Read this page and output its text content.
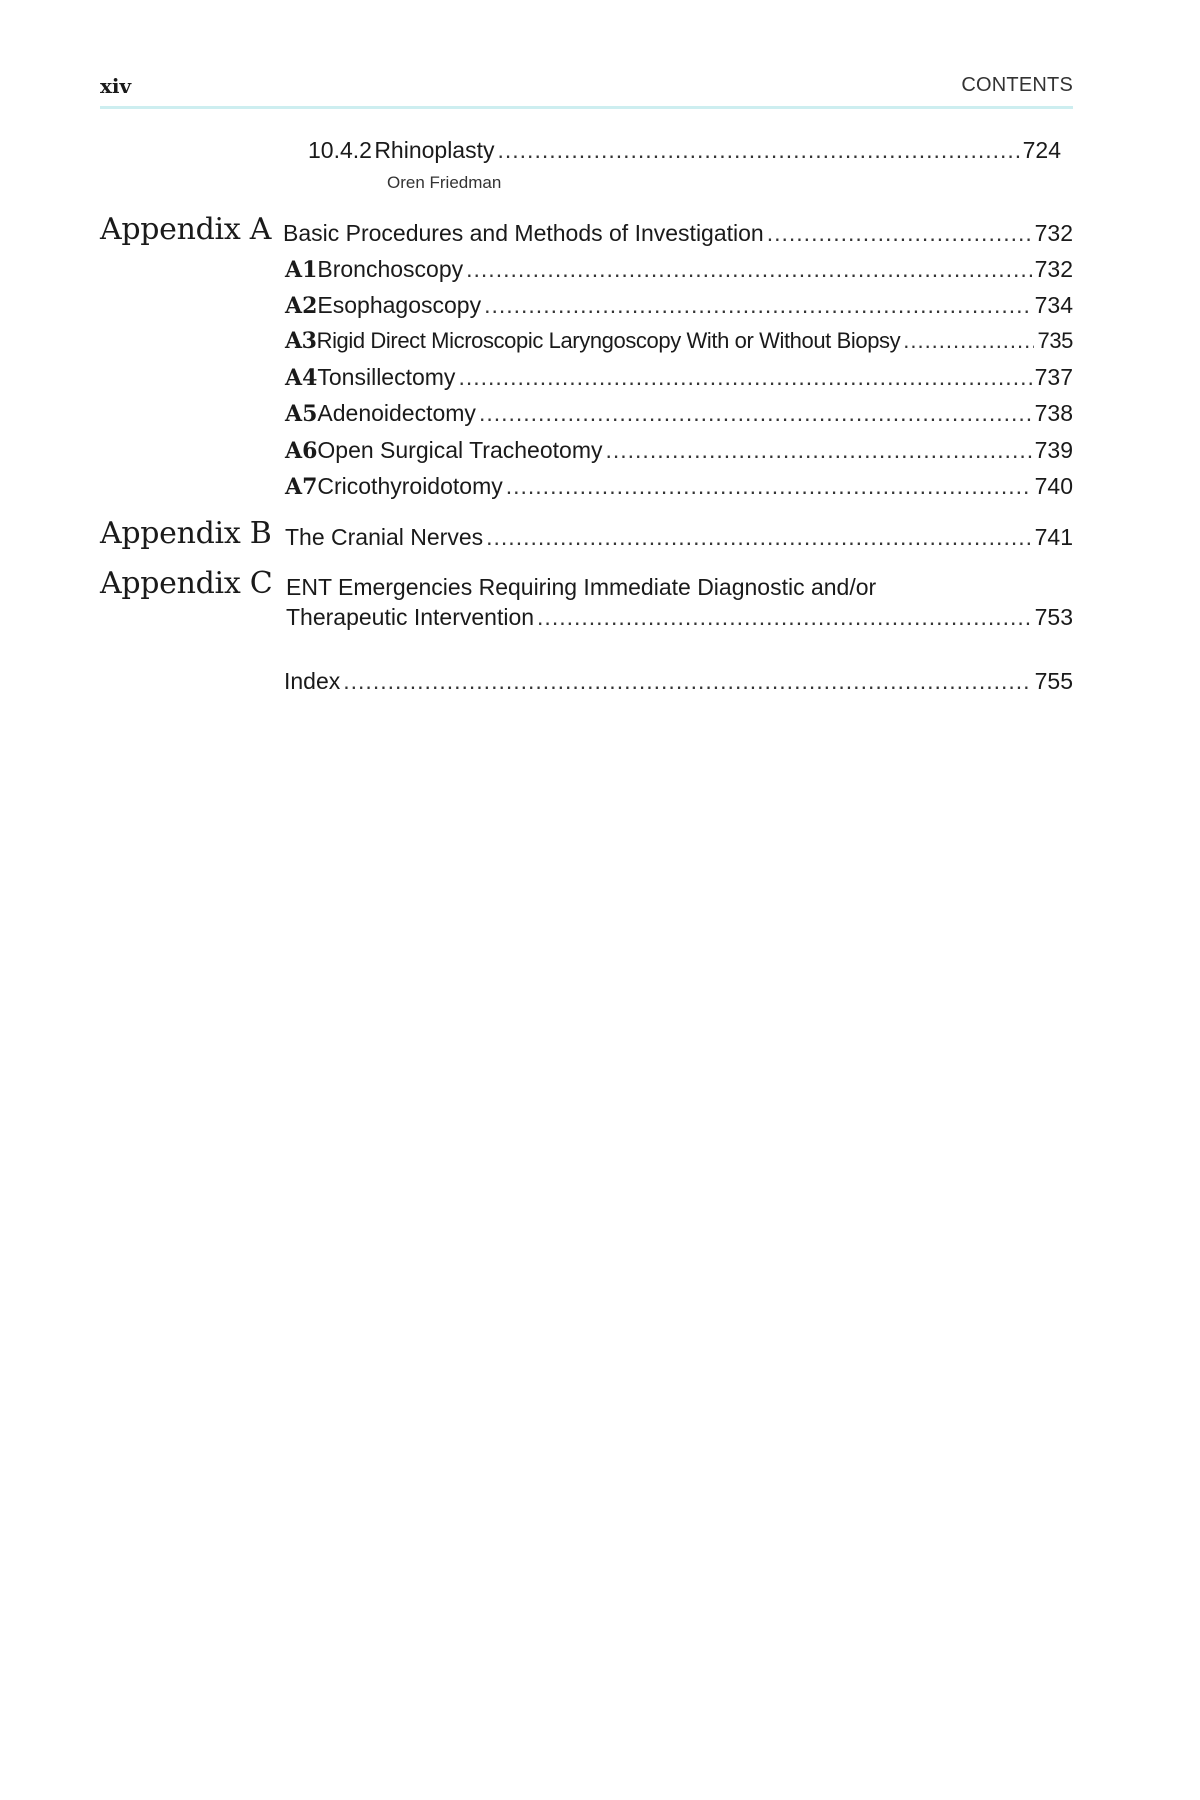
xiv	CONTENTS
10.4.2 Rhinoplasty .....	724
Oren Friedman
Appendix A Basic Procedures and Methods of Investigation .....	732
A1 Bronchoscopy .....	732
A2 Esophagoscopy .....	734
A3 Rigid Direct Microscopic Laryngoscopy With or Without Biopsy .....	735
A4 Tonsillectomy .....	737
A5 Adenoidectomy .....	738
A6 Open Surgical Tracheotomy .....	739
A7 Cricothyroidotomy .....	740
Appendix B The Cranial Nerves .....	741
Appendix C ENT Emergencies Requiring Immediate Diagnostic and/or
Therapeutic Intervention .....	753
Index .....	755
